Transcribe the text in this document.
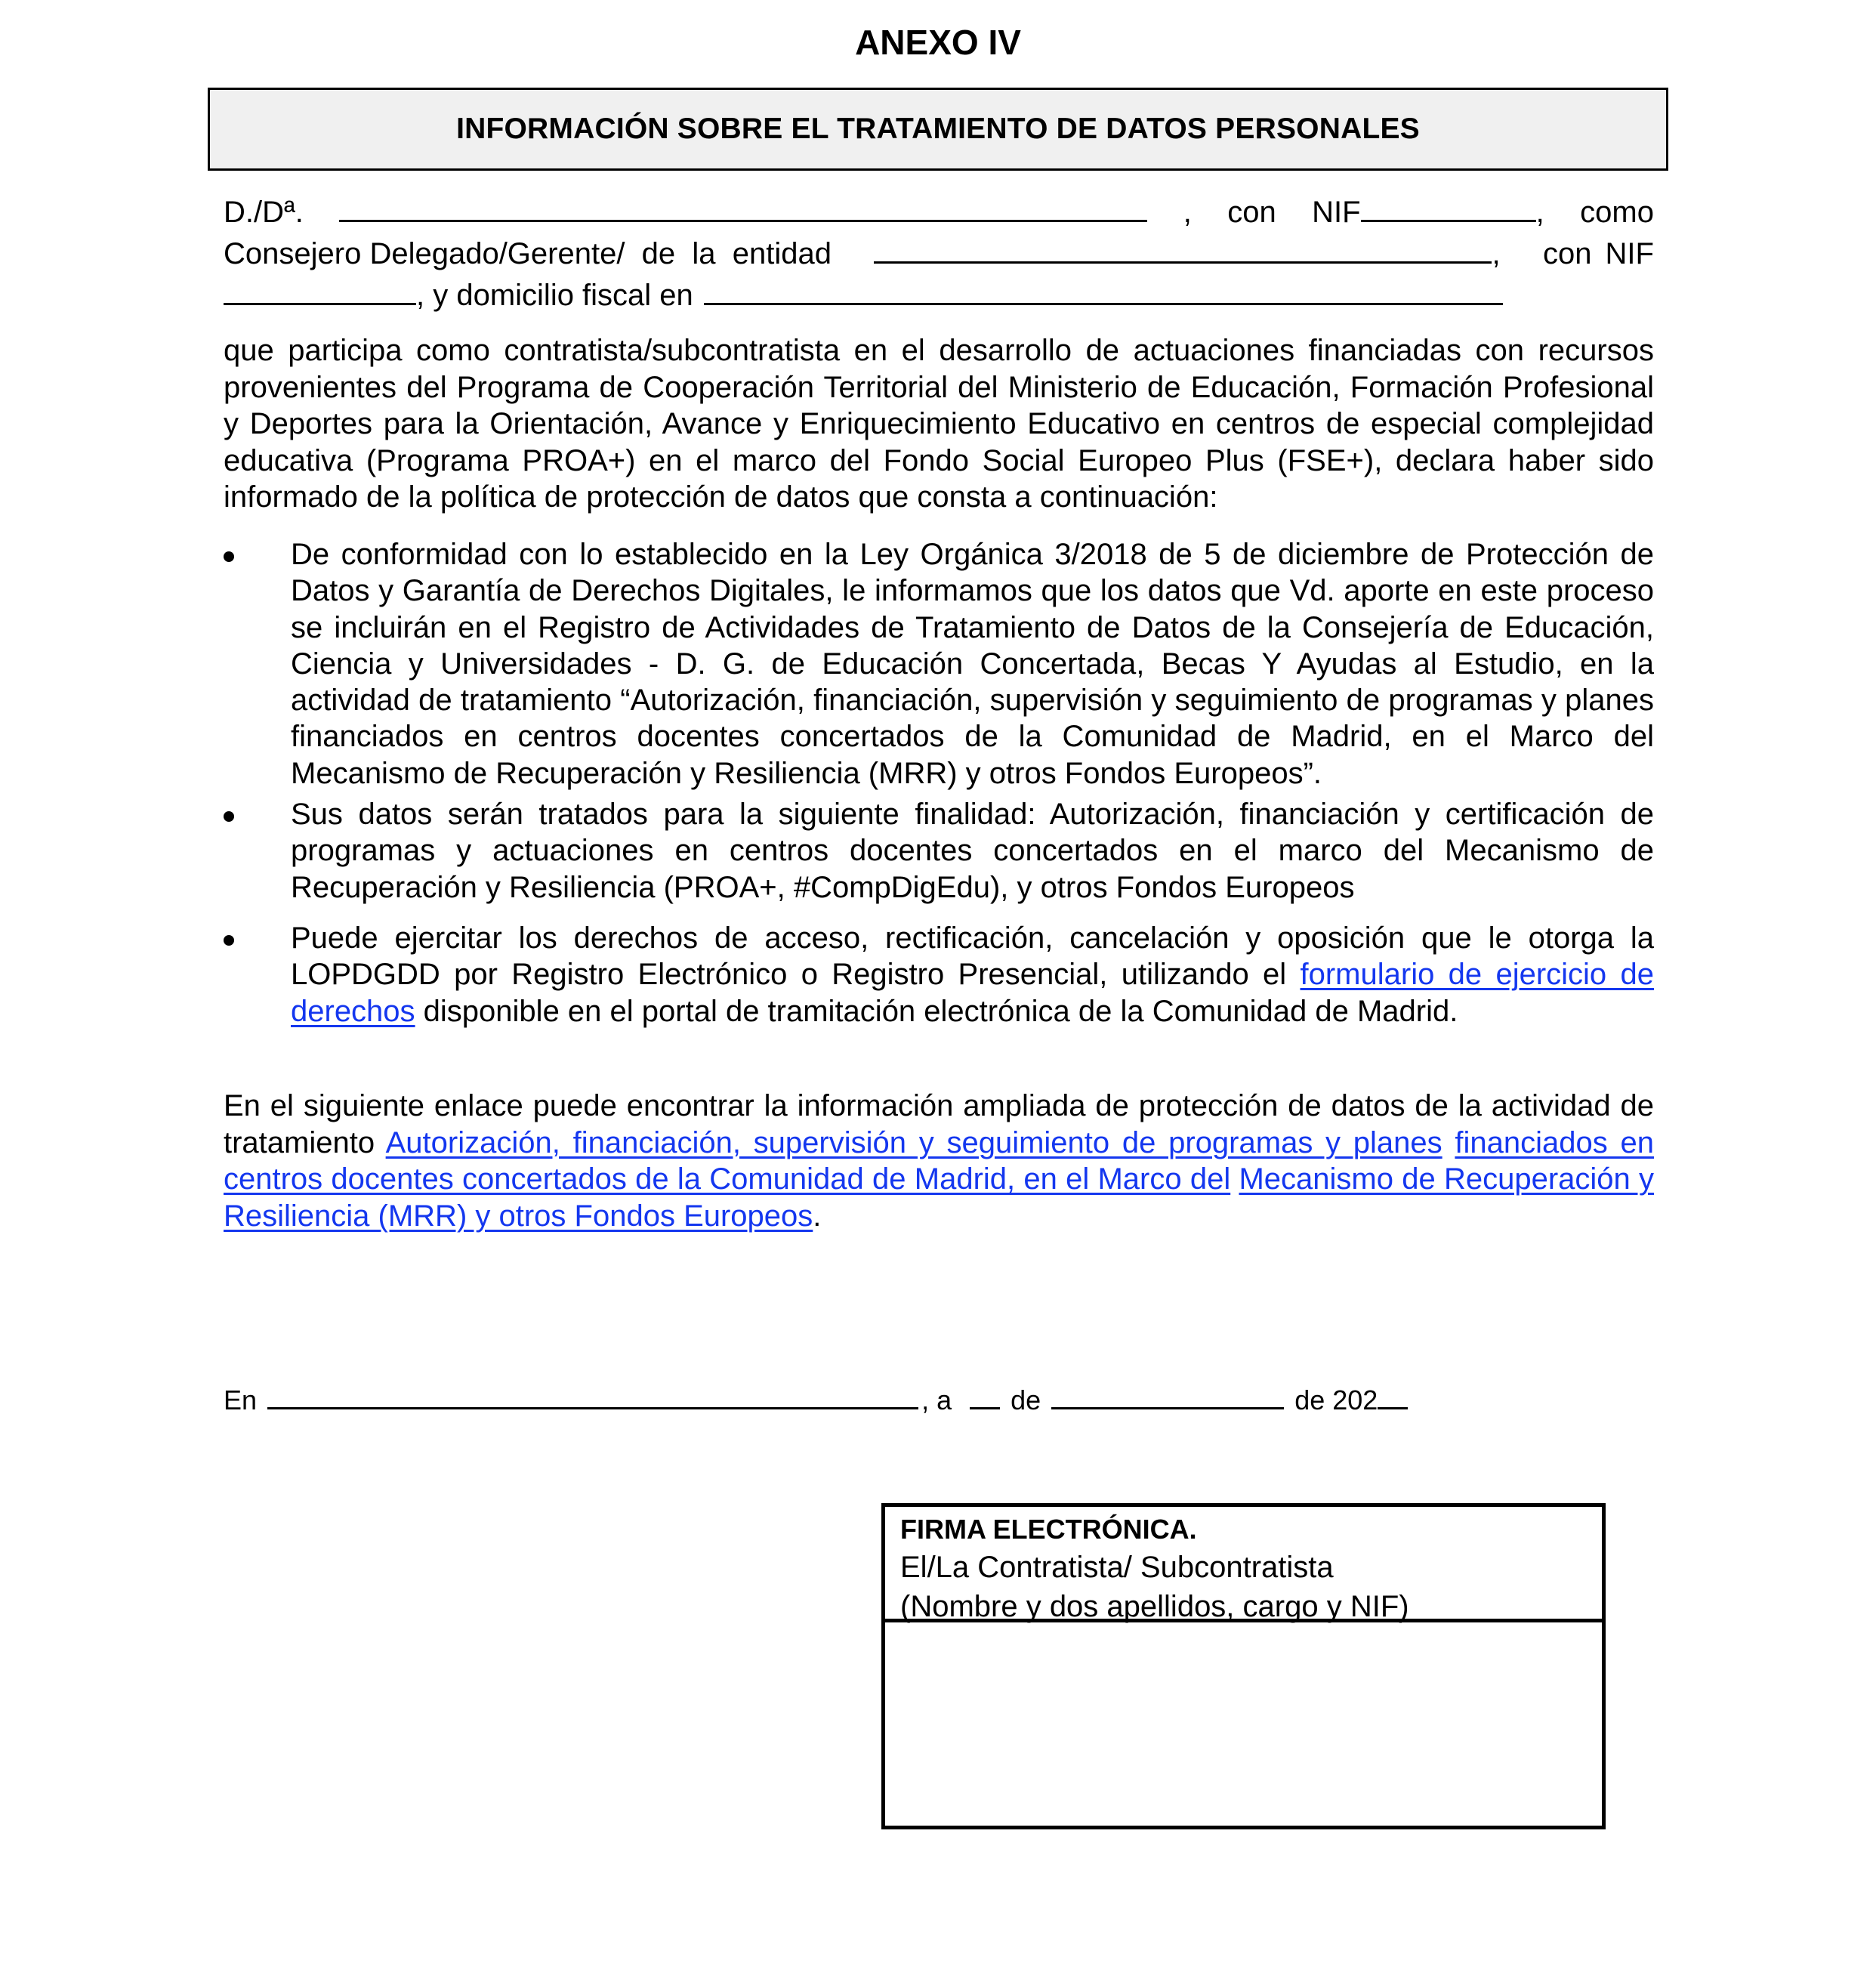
ANEXO IV
INFORMACIÓN SOBRE EL TRATAMIENTO DE DATOS PERSONALES
D./Dª.	, con NIF	, como
Consejero Delegado/Gerente/  de  la  entidad	, con NIF
, y domicilio fiscal en
que participa como contratista/subcontratista en el desarrollo de actuaciones financiadas con recursos provenientes del Programa de Cooperación Territorial del Ministerio de Educación, Formación Profesional y Deportes para la Orientación, Avance y Enriquecimiento Educativo en centros de especial complejidad educativa (Programa PROA+) en el marco del Fondo Social Europeo Plus (FSE+), declara haber sido informado de la política de protección de datos que consta a continuación:
De conformidad con lo establecido en la Ley Orgánica 3/2018 de 5 de diciembre de Protección de Datos y Garantía de Derechos Digitales, le informamos que los datos que Vd. aporte en este proceso se incluirán en el Registro de Actividades de Tratamiento de Datos de la Consejería de Educación, Ciencia y Universidades - D. G. de Educación Concertada, Becas Y Ayudas al Estudio, en la actividad de tratamiento “Autorización, financiación, supervisión y seguimiento de programas y planes financiados en centros docentes concertados de la Comunidad de Madrid, en el Marco del Mecanismo de Recuperación y Resiliencia (MRR) y otros Fondos Europeos”.
Sus datos serán tratados para la siguiente finalidad: Autorización, financiación y certificación de programas y actuaciones en centros docentes concertados en el marco del Mecanismo de Recuperación y Resiliencia (PROA+, #CompDigEdu), y otros Fondos Europeos
Puede ejercitar los derechos de acceso, rectificación, cancelación y oposición que le otorga la LOPDGDD por Registro Electrónico o Registro Presencial, utilizando el formulario de ejercicio de derechos disponible en el portal de tramitación electrónica de la Comunidad de Madrid.
En el siguiente enlace puede encontrar la información ampliada de protección de datos de la actividad de tratamiento Autorización, financiación, supervisión y seguimiento de programas y planes financiados en centros docentes concertados de la Comunidad de Madrid, en el Marco del Mecanismo de Recuperación y Resiliencia (MRR) y otros Fondos Europeos.
En	, a de	de 202
FIRMA ELECTRÓNICA.
El/La Contratista/ Subcontratista
(Nombre y dos apellidos, cargo y NIF)
